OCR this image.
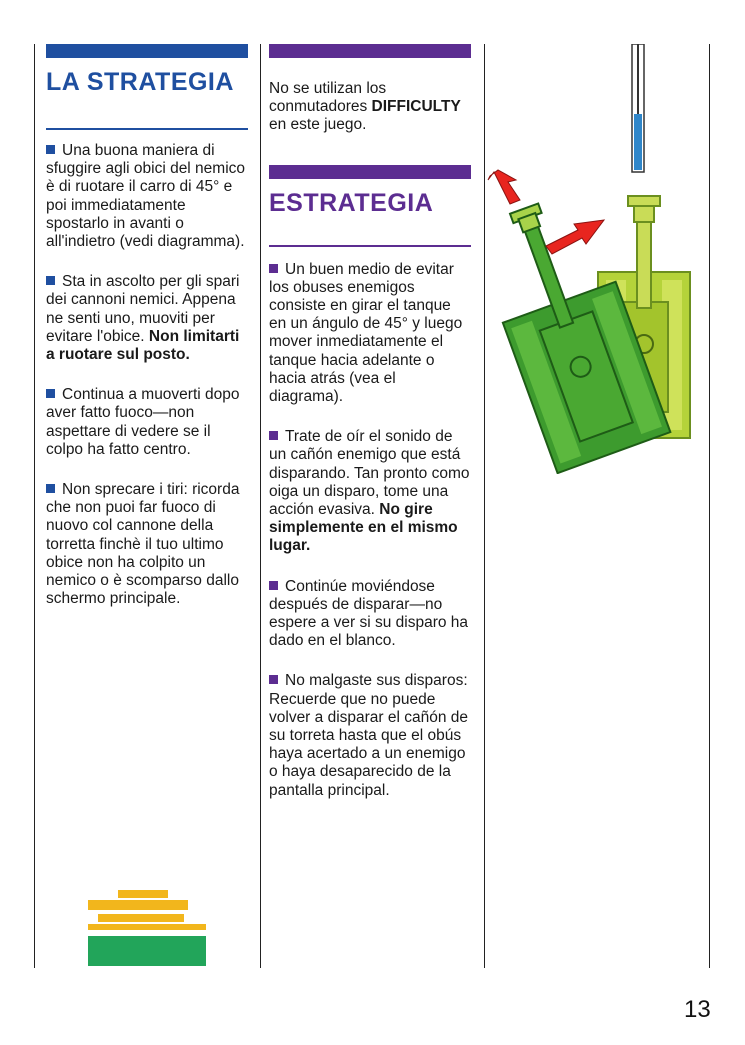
LA STRATEGIA

Una buona maniera di sfuggire agli obici del nemico è di ruotare il carro di 45° e poi immediatamente spostarlo in avanti o all'indietro (vedi diagramma).

Sta in ascolto per gli spari dei cannoni nemici. Appena ne senti uno, muoviti per evitare l'obice. Non limitarti a ruotare sul posto.

Continua a muoverti dopo aver fatto fuoco—non aspettare di vedere se il colpo ha fatto centro.

Non sprecare i tiri: ricorda che non puoi far fuoco di nuovo col cannone della torretta finchè il tuo ultimo obice non ha colpito un nemico o è scomparso dallo schermo principale.

No se utilizan los conmutadores DIFFICULTY en este juego.

ESTRATEGIA

Un buen medio de evitar los obuses enemigos consiste en girar el tanque en un ángulo de 45° y luego mover inmediatamente el tanque hacia adelante o hacia atrás (vea el diagrama).

Trate de oír el sonido de un cañón enemigo que está disparando. Tan pronto como oiga un disparo, tome una acción evasiva. No gire simplemente en el mismo lugar.

Continúe moviéndose después de disparar—no espere a ver si su disparo ha dado en el blanco.

No malgaste sus disparos: Recuerde que no puede volver a disparar el cañón de su torreta hasta que el obús haya acertado a un enemigo o haya desaparecido de la pantalla principal.

13
